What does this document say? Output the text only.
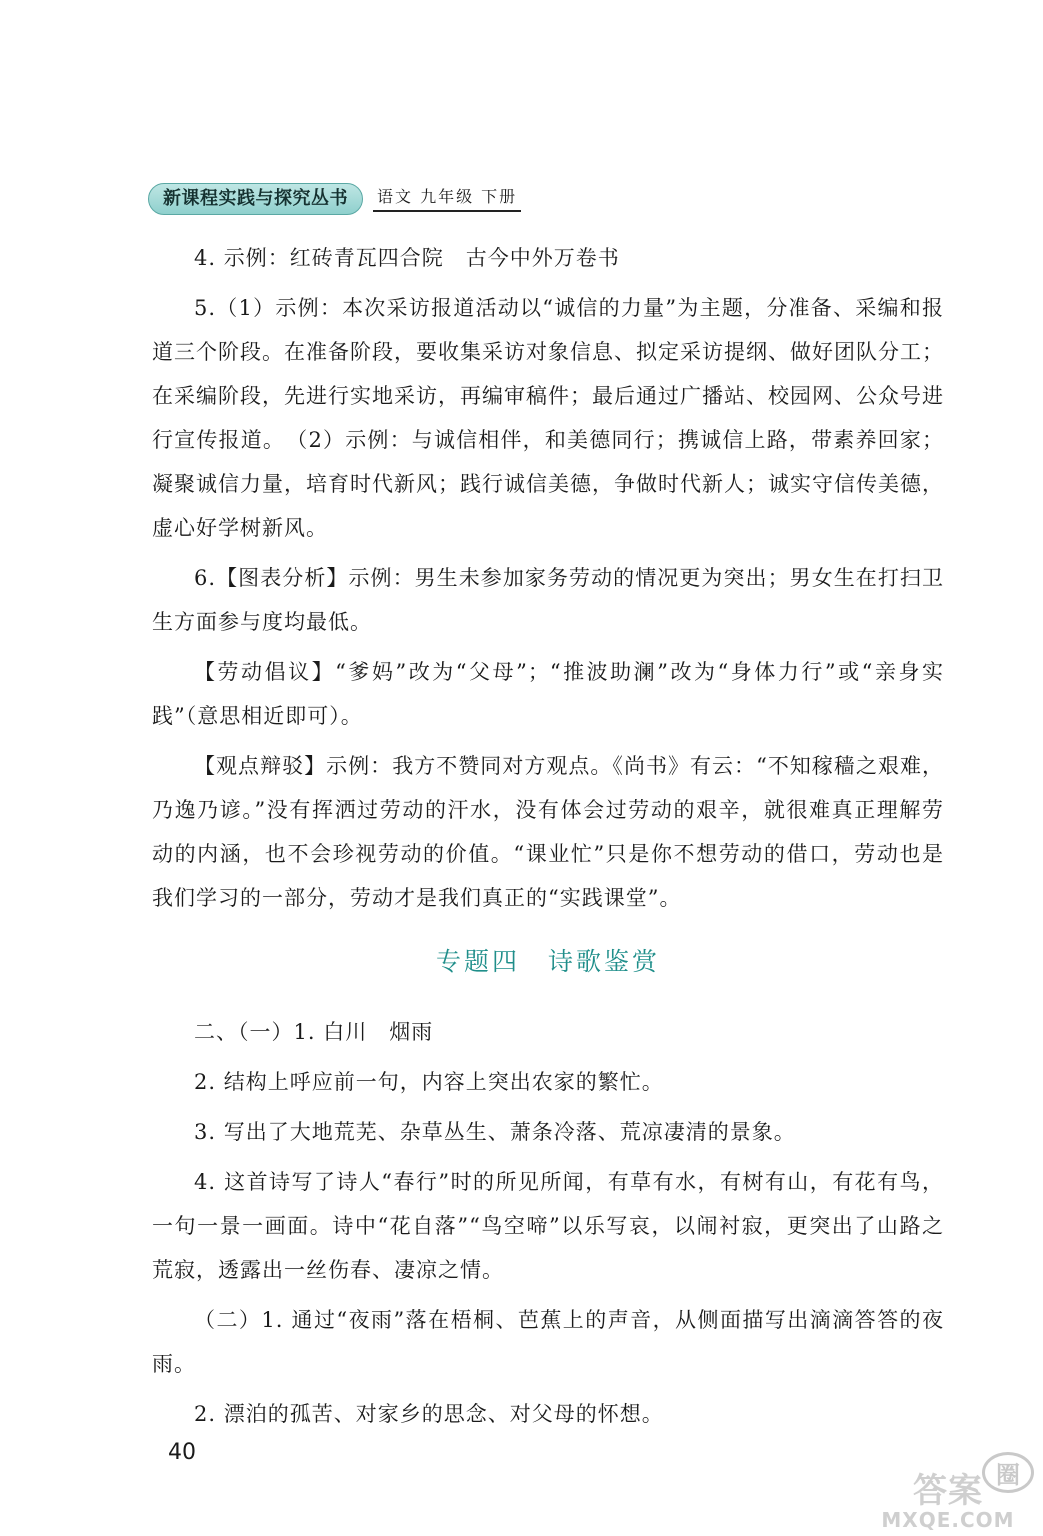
新课程实践与探究丛书	语文 九年级 下册

4. 示例：红砖青瓦四合院　古今中外万卷书

5.（1）示例：本次采访报道活动以“诚信的力量”为主题，分准备、采编和报道三个阶段。在准备阶段，要收集采访对象信息、拟定采访提纲、做好团队分工；在采编阶段，先进行实地采访，再编审稿件；最后通过广播站、校园网、公众号进行宣传报道。　（2）示例：与诚信相伴，和美德同行；携诚信上路，带素养回家；凝聚诚信力量，培育时代新风；践行诚信美德，争做时代新人；诚实守信传美德，虚心好学树新风。

6.【图表分析】示例：男生未参加家务劳动的情况更为突出；男女生在打扫卫生方面参与度均最低。

【劳动倡议】“爹妈”改为“父母”；“推波助澜”改为“身体力行”或“亲身实践”（意思相近即可）。

【观点辩驳】示例：我方不赞同对方观点。《尚书》有云：“不知稼穑之艰难，乃逸乃谚。”没有挥洒过劳动的汗水，没有体会过劳动的艰辛，就很难真正理解劳动的内涵，也不会珍视劳动的价值。“课业忙”只是你不想劳动的借口，劳动也是我们学习的一部分，劳动才是我们真正的“实践课堂”。

专题四　诗歌鉴赏

二、（一）1. 白川　烟雨

2. 结构上呼应前一句，内容上突出农家的繁忙。

3. 写出了大地荒芜、杂草丛生、萧条冷落、荒凉凄清的景象。

4. 这首诗写了诗人“春行”时的所见所闻，有草有水，有树有山，有花有鸟，一句一景一画面。诗中“花自落”“鸟空啼”以乐写哀，以闹衬寂，更突出了山路之荒寂，透露出一丝伤春、凄凉之情。

（二）1. 通过“夜雨”落在梧桐、芭蕉上的声音，从侧面描写出滴滴答答的夜雨。

2. 漂泊的孤苦、对家乡的思念、对父母的怀想。

40
圈
答案
MXQE.COM
